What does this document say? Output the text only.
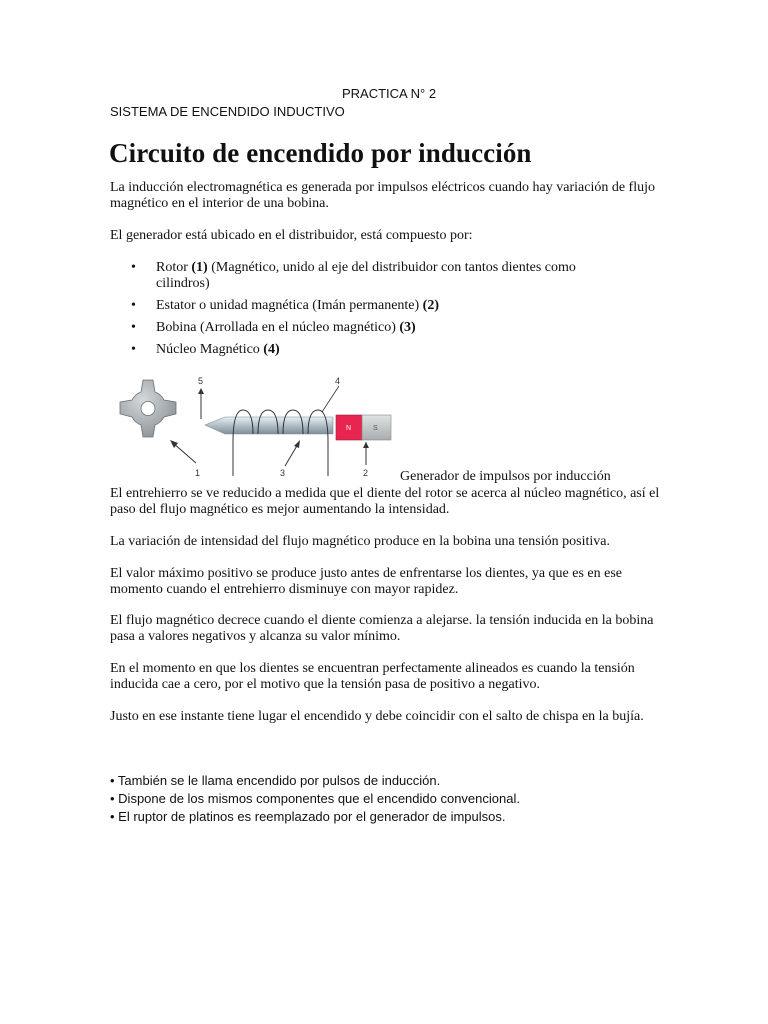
PRACTICA N° 2
SISTEMA DE ENCENDIDO INDUCTIVO
Circuito de encendido por inducción
La inducción electromagnética es generada por impulsos eléctricos cuando hay variación de flujo magnético en el interior de una bobina.
El generador está ubicado en el distribuidor, está compuesto por:
• Rotor (1) (Magnético, unido al eje del distribuidor con tantos dientes como cilindros)
• Estator o unidad magnética (Imán permanente) (2)
• Bobina (Arrollada en el núcleo magnético) (3)
• Núcleo Magnético (4)
5	4
N	S
2
1	3	Generador de impulsos por inducción
El entrehierro se ve reducido a medida que el diente del rotor se acerca al núcleo magnético, así el paso del flujo magnético es mejor aumentando la intensidad.
La variación de intensidad del flujo magnético produce en la bobina una tensión positiva.
El valor máximo positivo se produce justo antes de enfrentarse los dientes, ya que es en ese momento cuando el entrehierro disminuye con mayor rapidez.
El flujo magnético decrece cuando el diente comienza a alejarse. la tensión inducida en la bobina pasa a valores negativos y alcanza su valor mínimo.
En el momento en que los dientes se encuentran perfectamente alineados es cuando la tensión inducida cae a cero, por el motivo que la tensión pasa de positivo a negativo.
Justo en ese instante tiene lugar el encendido y debe coincidir con el salto de chispa en la bujía.
• También se le llama encendido por pulsos de inducción.
• Dispone de los mismos componentes que el encendido convencional.
• El ruptor de platinos es reemplazado por el generador de impulsos.
